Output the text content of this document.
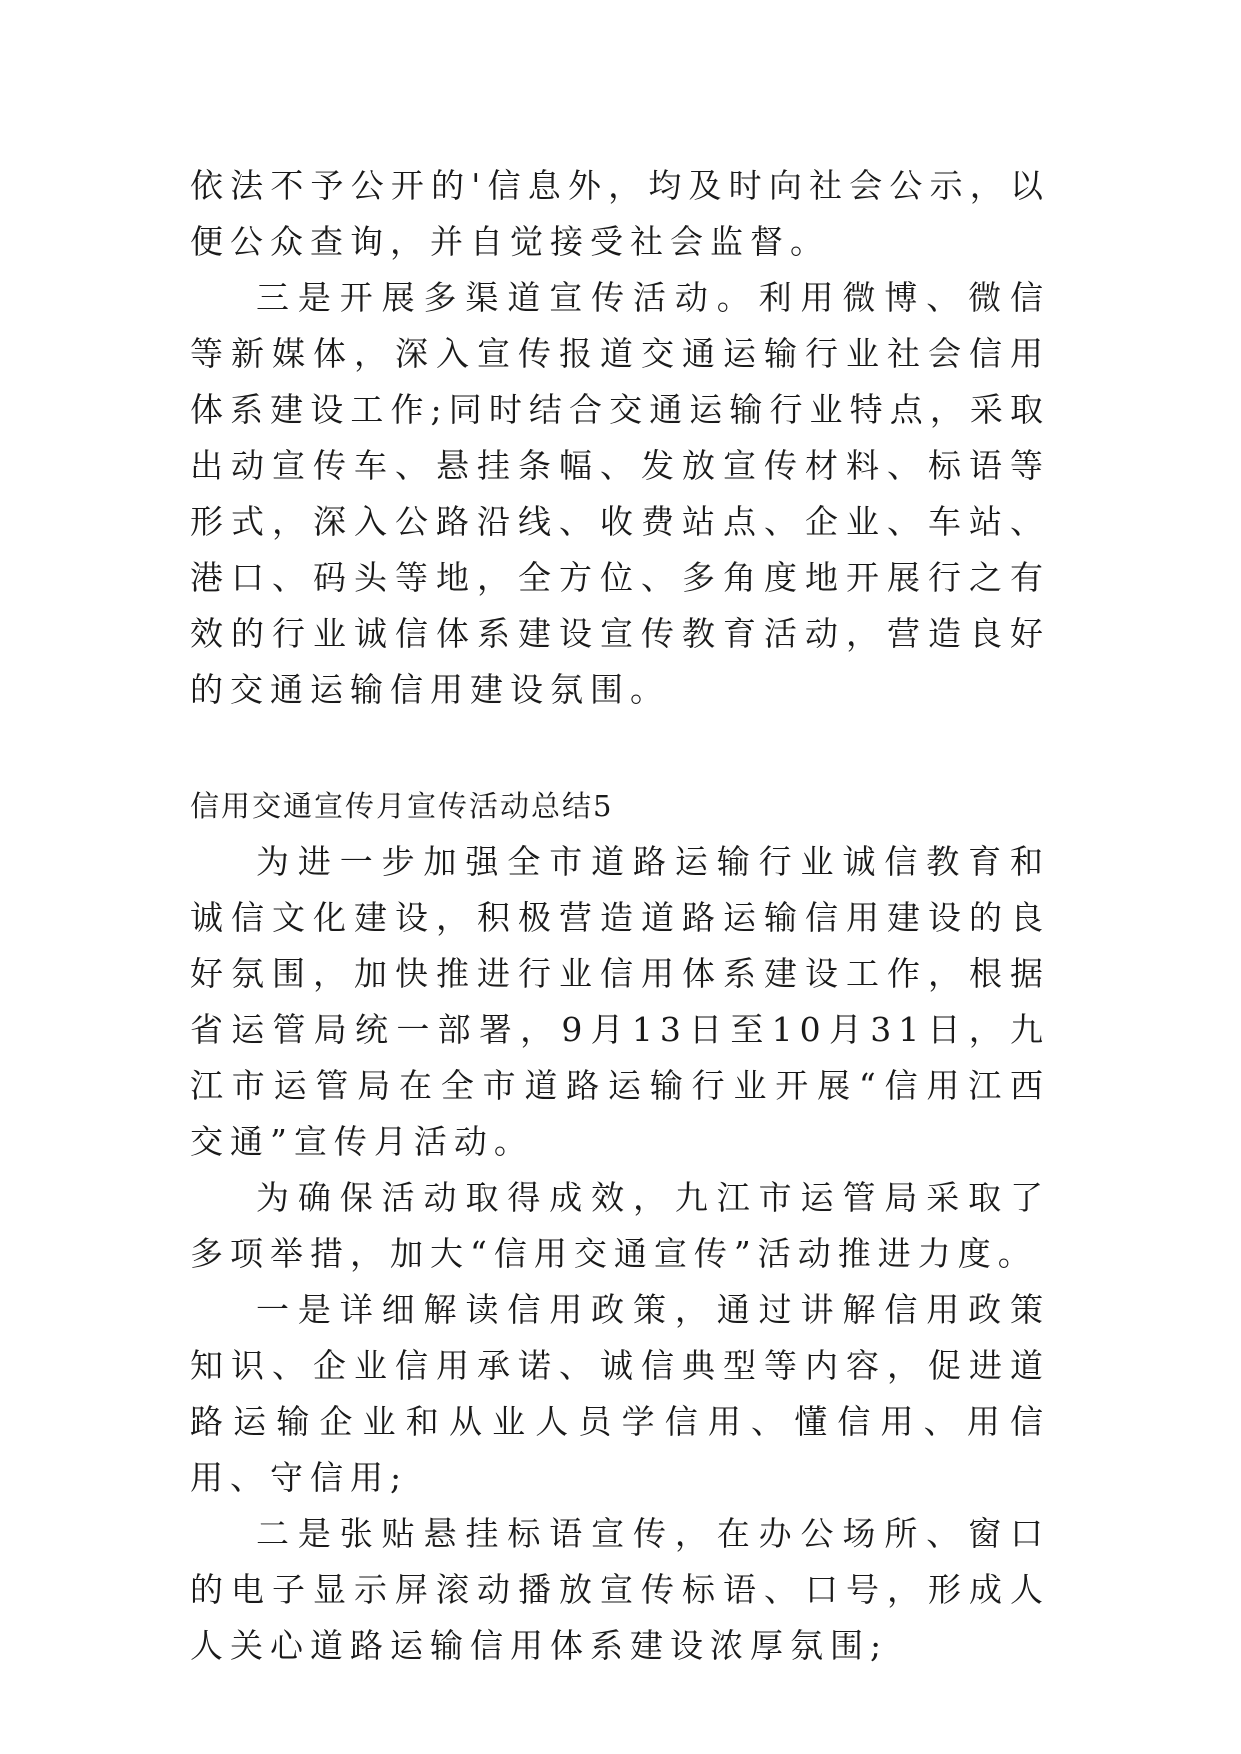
依法不予公开的'信息外，均及时向社会公示，以便公众查询，并自觉接受社会监督。

三是开展多渠道宣传活动。利用微博、微信等新媒体，深入宣传报道交通运输行业社会信用体系建设工作;同时结合交通运输行业特点，采取出动宣传车、悬挂条幅、发放宣传材料、标语等形式，深入公路沿线、收费站点、企业、车站、港口、码头等地，全方位、多角度地开展行之有效的行业诚信体系建设宣传教育活动，营造良好的交通运输信用建设氛围。

信用交通宣传月宣传活动总结5

为进一步加强全市道路运输行业诚信教育和诚信文化建设，积极营造道路运输信用建设的良好氛围，加快推进行业信用体系建设工作，根据省运管局统一部署，9月13日至10月31日，九江市运管局在全市道路运输行业开展“信用江西交通”宣传月活动。

为确保活动取得成效，九江市运管局采取了多项举措，加大“信用交通宣传”活动推进力度。

一是详细解读信用政策，通过讲解信用政策知识、企业信用承诺、诚信典型等内容，促进道路运输企业和从业人员学信用、懂信用、用信用、守信用;

二是张贴悬挂标语宣传，在办公场所、窗口的电子显示屏滚动播放宣传标语、口号，形成人人关心道路运输信用体系建设浓厚氛围;
